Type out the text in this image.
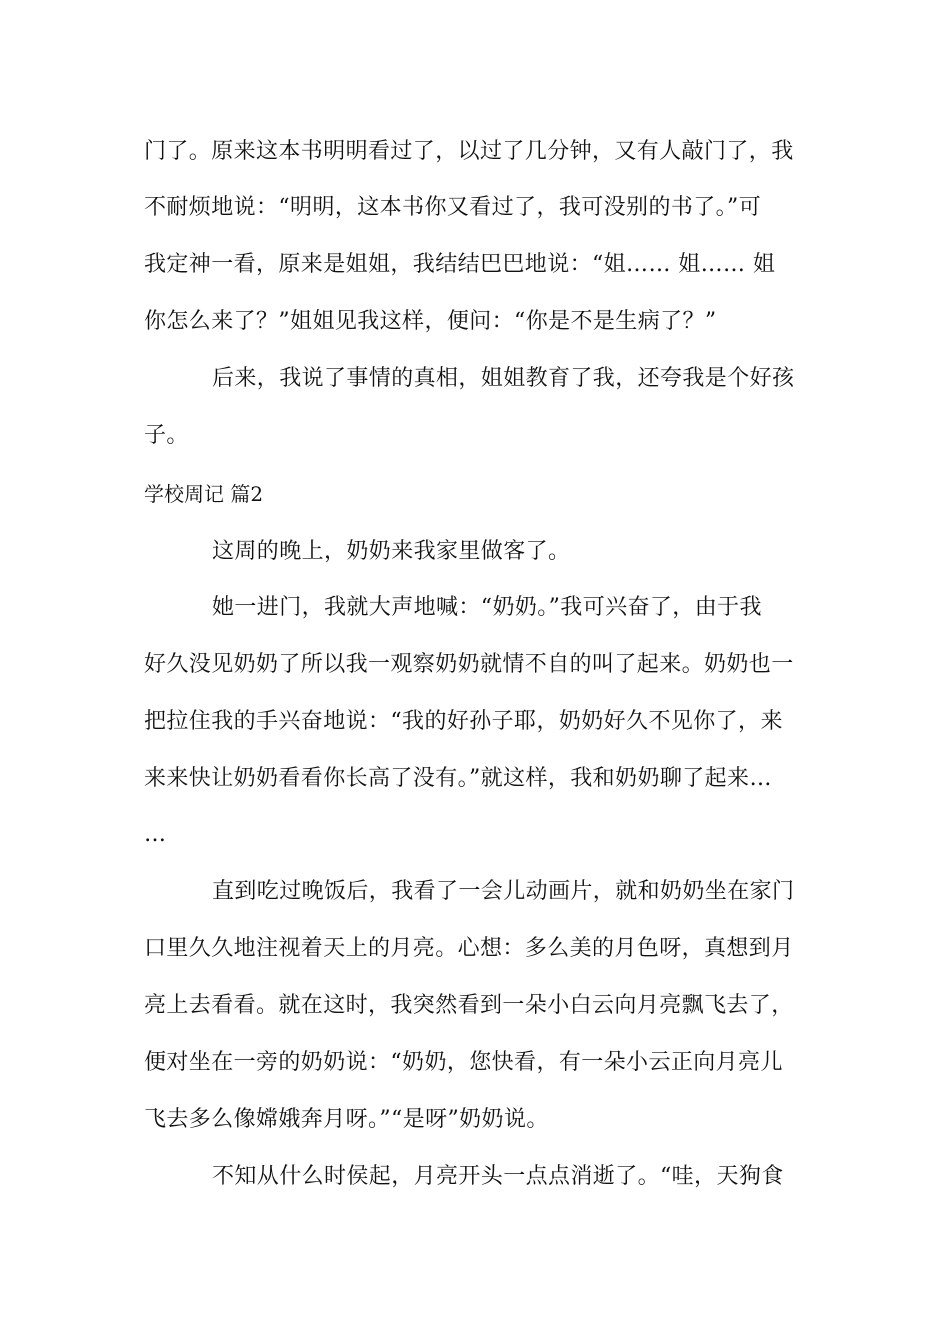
门了。原来这本书明明看过了，以过了几分钟，又有人敲门了，我
不耐烦地说：“明明，这本书你又看过了，我可没别的书了。”可
我定神一看，原来是姐姐，我结结巴巴地说：“姐…… 姐…… 姐
你怎么来了？”姐姐见我这样，便问：“你是不是生病了？”
后来，我说了事情的真相，姐姐教育了我，还夸我是个好孩
子。
学校周记 篇2
这周的晚上，奶奶来我家里做客了。
她一进门，我就大声地喊：“奶奶。”我可兴奋了，由于我
好久没见奶奶了所以我一观察奶奶就情不自的叫了起来。奶奶也一
把拉住我的手兴奋地说：“我的好孙子耶，奶奶好久不见你了，来
来来快让奶奶看看你长高了没有。”就这样，我和奶奶聊了起来…
…
直到吃过晚饭后，我看了一会儿动画片，就和奶奶坐在家门
口里久久地注视着天上的月亮。心想：多么美的月色呀，真想到月
亮上去看看。就在这时，我突然看到一朵小白云向月亮飘飞去了，
便对坐在一旁的奶奶说：“奶奶，您快看，有一朵小云正向月亮儿
飞去多么像嫦娥奔月呀。”“是呀”奶奶说。
不知从什么时侯起，月亮开头一点点消逝了。“哇，天狗食
